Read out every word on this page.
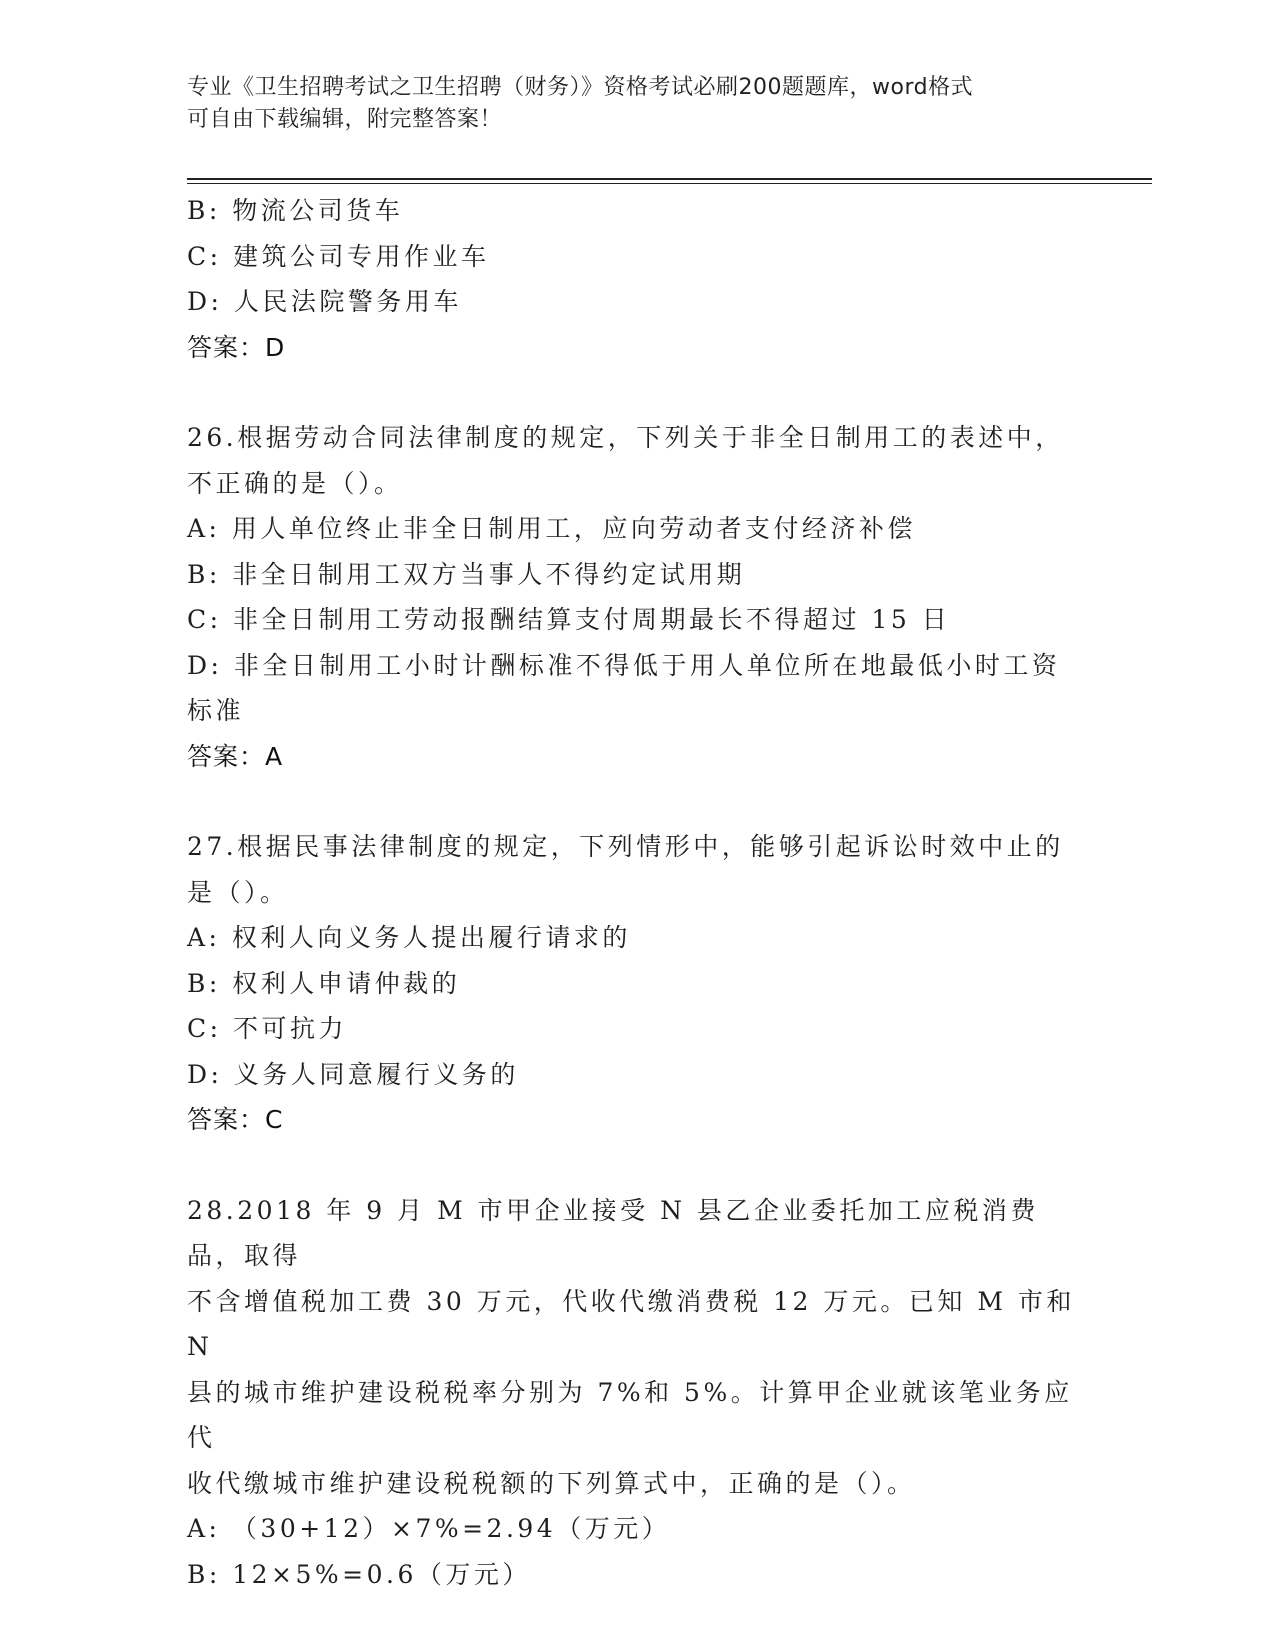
专业《卫生招聘考试之卫生招聘（财务）》资格考试必刷200题题库，word格式
可自由下载编辑，附完整答案！
B: 物流公司货车
C: 建筑公司专用作业车
D: 人民法院警务用车
答案：D
26.根据劳动合同法律制度的规定，下列关于非全日制用工的表述中，
不正确的是（）。
A: 用人单位终止非全日制用工，应向劳动者支付经济补偿
B: 非全日制用工双方当事人不得约定试用期
C: 非全日制用工劳动报酬结算支付周期最长不得超过 15 日
D: 非全日制用工小时计酬标准不得低于用人单位所在地最低小时工资
标准
答案：A
27.根据民事法律制度的规定，下列情形中，能够引起诉讼时效中止的
是（）。
A: 权利人向义务人提出履行请求的
B: 权利人申请仲裁的
C: 不可抗力
D: 义务人同意履行义务的
答案：C
28.2018 年 9 月 M 市甲企业接受 N 县乙企业委托加工应税消费品，取得
不含增值税加工费 30 万元，代收代缴消费税 12 万元。已知 M 市和 N
县的城市维护建设税税率分别为 7%和 5%。计算甲企业就该笔业务应代
收代缴城市维护建设税税额的下列算式中，正确的是（）。
A: （30+12）×7%=2.94（万元）
B: 12×5%=0.6（万元）
